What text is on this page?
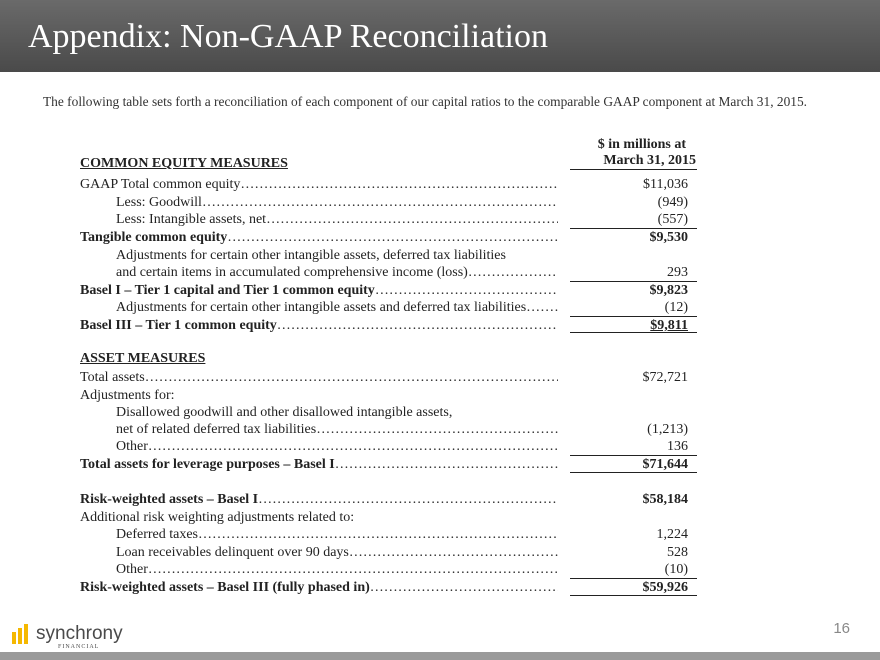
Appendix: Non-GAAP Reconciliation
The following table sets forth a reconciliation of each component of our capital ratios to the comparable GAAP component at March 31, 2015.
$ in millions at
March 31, 2015
COMMON EQUITY MEASURES
GAAP Total common equity ……………………………………………………………………………………………………………………………	$11,036
Less: Goodwill ……………………………………………………………………………………………………………………………	(949)
Less: Intangible assets, net ……………………………………………………………………………………………………………………………	(557)
Tangible common equity ……………………………………………………………………………………………………………………………	$9,530
Adjustments for certain other intangible assets, deferred tax liabilities
and certain items in accumulated comprehensive income (loss) ……………………………………………………………………………………………………………………………	293
Basel I – Tier 1 capital and Tier 1 common equity ……………………………………………………………………………………………………………………………	$9,823
Adjustments for certain other intangible assets and deferred tax liabilities ……………………………………………………………………………………………………………………………	(12)
Basel III – Tier 1 common equity ……………………………………………………………………………………………………………………………	$9,811
ASSET MEASURES
Total assets ……………………………………………………………………………………………………………………………	$72,721
Adjustments for:
Disallowed goodwill and other disallowed intangible assets,
net of related deferred tax liabilities ……………………………………………………………………………………………………………………………	(1,213)
Other ……………………………………………………………………………………………………………………………	136
Total assets for leverage purposes – Basel I ……………………………………………………………………………………………………………………………	$71,644
Risk-weighted assets – Basel I ……………………………………………………………………………………………………………………………	$58,184
Additional risk weighting adjustments related to:
Deferred taxes ……………………………………………………………………………………………………………………………	1,224
Loan receivables delinquent over 90 days ……………………………………………………………………………………………………………………………	528
Other ……………………………………………………………………………………………………………………………	(10)
Risk-weighted assets – Basel III (fully phased in) ……………………………………………………………………………………………………………………………	$59,926
synchrony
FINANCIAL
16
